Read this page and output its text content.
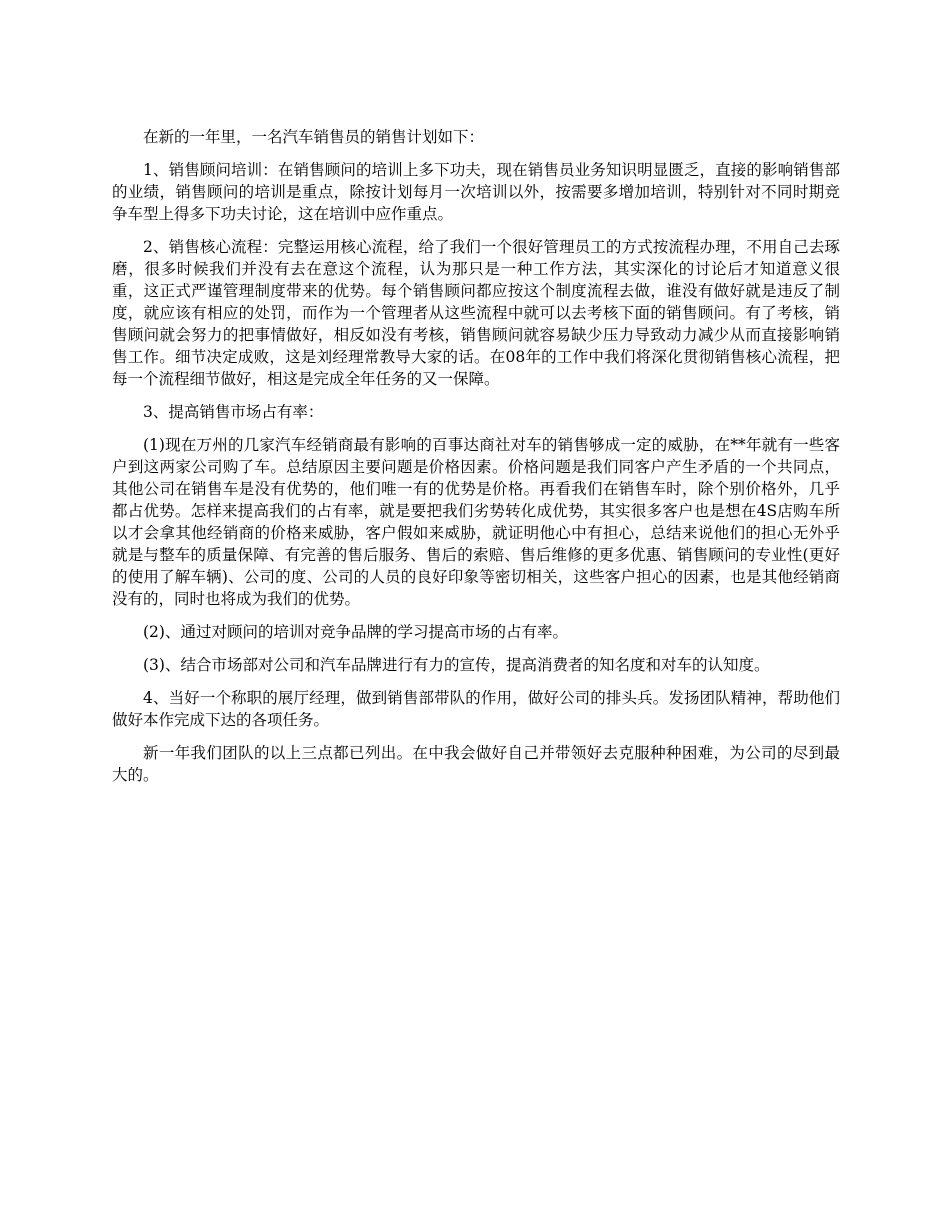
在新的一年里，一名汽车销售员的销售计划如下：

1、销售顾问培训：在销售顾问的培训上多下功夫，现在销售员业务知识明显匮乏，直接的影响销售部的业绩，销售顾问的培训是重点，除按计划每月一次培训以外，按需要多增加培训，特别针对不同时期竞争车型上得多下功夫讨论，这在培训中应作重点。

2、销售核心流程：完整运用核心流程，给了我们一个很好管理员工的方式按流程办理，不用自己去琢磨，很多时候我们并没有去在意这个流程，认为那只是一种工作方法，其实深化的讨论后才知道意义很重，这正式严谨管理制度带来的优势。每个销售顾问都应按这个制度流程去做，谁没有做好就是违反了制度，就应该有相应的处罚，而作为一个管理者从这些流程中就可以去考核下面的销售顾问。有了考核，销售顾问就会努力的把事情做好，相反如没有考核，销售顾问就容易缺少压力导致动力减少从而直接影响销售工作。细节决定成败，这是刘经理常教导大家的话。在08年的工作中我们将深化贯彻销售核心流程，把每一个流程细节做好，相这是完成全年任务的又一保障。

3、提高销售市场占有率：

(1)现在万州的几家汽车经销商最有影响的百事达商社对车的销售够成一定的威胁，在**年就有一些客户到这两家公司购了车。总结原因主要问题是价格因素。价格问题是我们同客户产生矛盾的一个共同点，其他公司在销售车是没有优势的，他们唯一有的优势是价格。再看我们在销售车时，除个别价格外，几乎都占优势。怎样来提高我们的占有率，就是要把我们劣势转化成优势，其实很多客户也是想在4S店购车所以才会拿其他经销商的价格来威胁，客户假如来威胁，就证明他心中有担心，总结来说他们的担心无外乎就是与整车的质量保障、有完善的售后服务、售后的索赔、售后维修的更多优惠、销售顾问的专业性(更好的使用了解车辆)、公司的度、公司的人员的良好印象等密切相关，这些客户担心的因素，也是其他经销商没有的，同时也将成为我们的优势。

(2)、通过对顾问的培训对竞争品牌的学习提高市场的占有率。

(3)、结合市场部对公司和汽车品牌进行有力的宣传，提高消费者的知名度和对车的认知度。

4、当好一个称职的展厅经理，做到销售部带队的作用，做好公司的排头兵。发扬团队精神，帮助他们做好本作完成下达的各项任务。

新一年我们团队的以上三点都已列出。在中我会做好自己并带领好去克服种种困难，为公司的尽到最大的。
